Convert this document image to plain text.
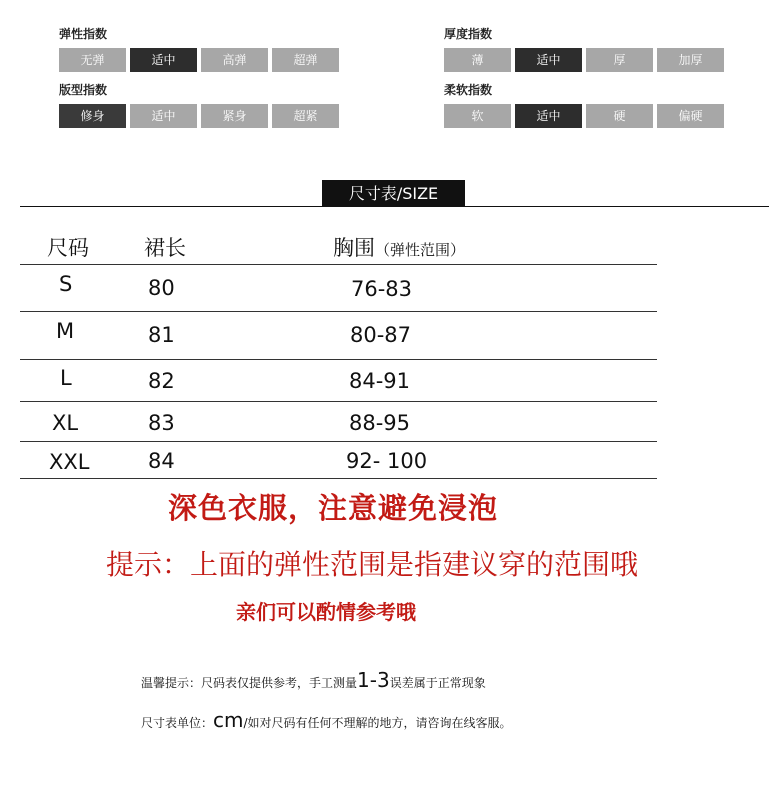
弹性指数	厚度指数
版型指数	柔软指数
无弹	适中	高弹	超弹	薄	适中	厚	加厚
修身	适中	紧身	超紧	软	适中	硬	偏硬
尺寸表/SIZE
尺码	裙长	胸围（弹性范围）
S	80	76-83
M	81	80-87
L	82	84-91
XL	83	88-95
XXL	84	92- 100
深色衣服，注意避免浸泡
提示：上面的弹性范围是指建议穿的范围哦
亲们可以酌情参考哦
温馨提示：尺码表仅提供参考，手工测量1-3误差属于正常现象
尺寸表单位：cm/如对尺码有任何不理解的地方，请咨询在线客服。
